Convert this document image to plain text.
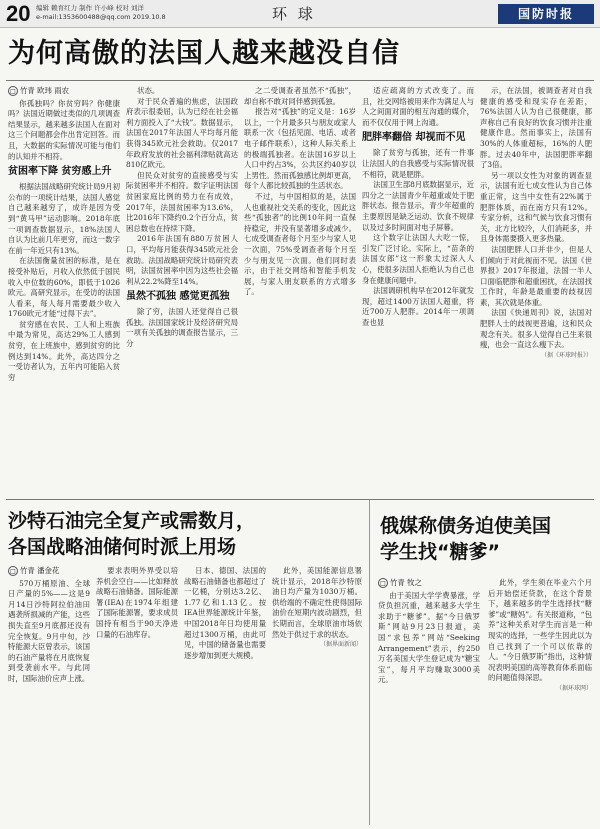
20 编辑 赖育红力 制作 许小峰 校对 刘洋
e-mail:1353600488@qq.com 2019.10.8	环 球	国防时报
为何高傲的法国人越来越没自信
□ 竹青 欧玮 雨农

你孤独吗？你贫穷吗？你健康吗？法国近期做过类似的几项调查结果显示，越来越多法国人在面对这三个问题都会作出肯定回答。而且，大数据的实际情况可能与他们的认知并不相符。

贫困率下降 贫穷感上升

根据法国战略研究统计局9月初公布的一项统计结果，法国人感觉自己越来越穷了，成许是因为受到“黄马甲”运动影响。2018年底一项调查数据显示，18%法国人自认为比前几年更穷，而这一数字在前一年近只有13%。

在法国衡量贫困的标准，是在接受补贴后，月收入依然低于国民收入中位数的60%，即低于1026欧元。高研究显示，在受访的法国人看来，每人每月需要最少收入1760欧元才能“过得下去”。

贫穷感在农民、工人和上班族中最为常见，高达29%工人感到贫穷，在上班族中，感到贫穷的比例达到14%。此外，高达四分之一受访者认为，五年内可能陷入贫穷

状态。

对于民众普遍的焦虑，法国政府表示很委屈，认为已经在社会福利方面投入了“大钱”。数据显示，法国在2017年法国人平均每月能获得345欧元社会救助。仅2017年政府发放的社会福利津贴就高达810亿欧元。

但民众对贫穷的直接感受与实际贫困率并不相符。数字证明法国贫困家庭比例的势力在有成效，2017年，法国贫困率为13.6%，比2016年下降约0.2个百分点，贫困总数也在持续下降。

2016年法国有880万贫困人口，平均每月能获得345欧元社会救助。法国战略研究统计局研究表明，法国贫困率中因为这些社会福利从22.2%降至14%。

虽然不孤独 感觉更孤独

除了穷，法国人还觉得自己很孤独。法国国家统计及经济研究局一项有关孤独的调查报告显示，三分

之二受调查者虽然不“孤独”，却自称不敢对同伴感到孤独。

报告对“孤独”的定义是：16岁以上，一个月最多只与朋友或家人联系一次（包括见面、电话、或者电子邮件联系），这种人际关系上的极端孤独者。在法国16岁以上人口中约占3%，公共区约40岁以上男性。然而孤独感比例却更高，每个人都比较孤独的生活状态。

不过，与中国相似的是，法国人也重视社交关系的变化，因此这些“孤独者”的比例10年间一直保持稳定，并没有显著增多或减少。七成受调查者每个月至少与家人见一次面，75%受调查者每个月至少与朋友见一次面。他们同时表示，由于社交网络和智能手机发展，与家人朋友联系的方式增多了。

适应疏离的方式改变了。而且，社交网络被用来作为满足人与人之间面对面的相互沟通的媒介，而不仅仅用于网上沟通。

肥胖率翻倍 却视而不见

除了贫穷与孤独，还有一件事让法国人的自我感受与实际情况很不相符，就是肥胖。

法国卫生部8月底数据显示，近四分之一法国青少年超重或处于肥胖状态。报告显示，青少年超重的主要原因是缺乏运动、饮食不规律以及过多时间面对电子屏幕。

这个数字让法国人大吃一惊，引发广泛讨论。实际上，“苗条的法国女郎”这一形象太过深入人心，使很多法国人拒绝认为自己也身在健康问题中。

法国调研机构早在2012年就发现，超过1400万法国人超重，将近700万人肥胖。2014年一项调查也显

示，在法国，被调查者对自我健康的感受和现实存在差距，76%法国人认为自己很健康，都声称自己有良好的饮食习惯并注重健康作息。然而事实上，法国有30%的人体重超标，16%的人肥胖。过去40年中，法国肥胖率翻了3倍。

另一项以女性为对象的调查显示，法国有近七成女性认为自己体重正常，这当中女性有22%属于肥胖体质，而在南方只有12%。专家分析，这和气候与饮食习惯有关，北方比较冷，人们消耗多，并且身体需要摄入更多热量。

法国肥胖人口并非少，但是人们倾向于对此视而不见。法国《世界报》2017年报道，法国一半人口面临肥胖和超重困扰，在法国找工作时，年龄是最重要的歧视因素，其次就是体重。

法国《快递周刊》说，法国对肥胖人士的歧视更普遍，这和民众观念有关。很多人觉得自己生来很瘦，也会一直这么瘦下去。

（据《环球时报》）
沙特石油完全复产或需数月，
各国战略油储何时派上用场
□ 竹青 潘金花

570万桶原油、全球日产量的5%——这是9月14日沙特阿拉伯油田遇袭所损减的产能，这些损失直至9月底都还没有完全恢复。9月中旬，沙特能源大臣曾表示，该国的石油产量将在月底恢复到受袭前水平。与此同时，国际油价应声上涨。

要求表明外界受以培养机会空白——比如释放战略石油储备。国际能源署(IEA)在1974年组建了国际能源署，要求成员国持有相当于90天净进口量的石油库存。

日本、德国、法国的战略石油储备也都超过了一亿桶，分别达3.2亿、1.77亿和1.13亿。按IEA世界能源统计年鉴，中国2018年日均使用量超过1300万桶，由此可见，中国的储备量也需要逐步增加到更大规模。

此外，美国能源信息署统计显示，2018年沙特原油日均产量为1030万桶。供给端的不确定性使得国际油价在短期内波动剧烈，但长期而言，全球原油市场依然处于供过于求的状态。

（据界面新闻）
俄媒称债务迫使美国
学生找“糖爹”
□ 竹青 牧之

由于美国大学学费暴涨，学贷负担沉重，越来越多大学生求助于“糖爹”。据“今日俄罗斯”网站9月23日报道，美国“求包养”网站“Seeking Arrangement”表示，约250万名美国大学生登记成为“糖宝宝”，每月平均赚取3000美元。

此外，学生须在毕业六个月后开始偿还贷款，在这个背景下，越来越多的学生选择找“糖爹”或“糖妈”。有关报道称，“包养”这种关系对学生而言是一种现实的选择，一些学生因此以为自己找到了一个可以依靠的人。“今日俄罗斯”指出，这种情况表明美国的高等教育体系面临的问题值得深思。

（据环球网）
